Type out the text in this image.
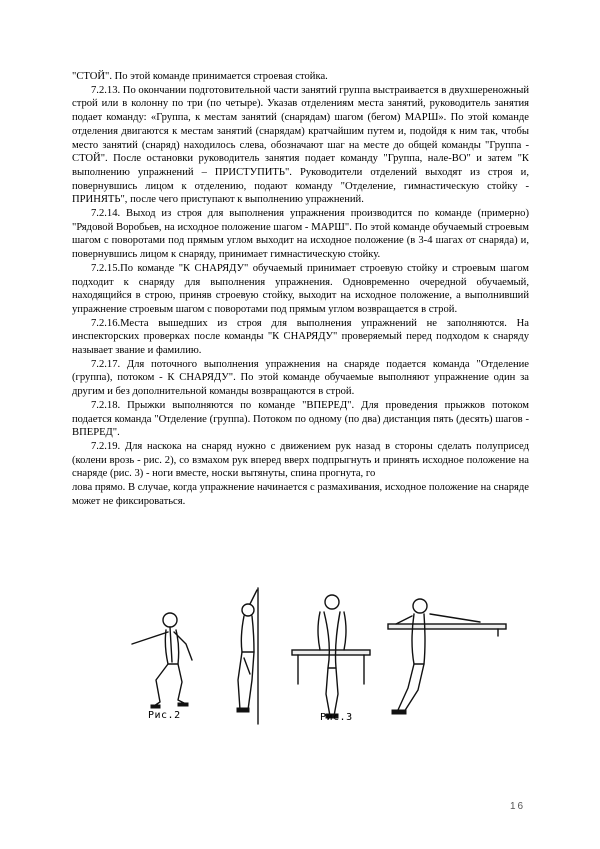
"СТОЙ". По этой команде принимается строевая стойка.

7.2.13. По окончании подготовительной части занятий группа выстраивается в двухшереножный строй или в колонну по три (по четыре). Указав отделениям места занятий, руководитель занятия подает команду: «Группа, к местам занятий (снарядам) шагом (бегом) МАРШ». По этой команде отделения двигаются к местам занятий (снарядам) кратчайшим путем и, подойдя к ним так, чтобы место занятий (снаряд) находилось слева, обозначают шаг на месте до общей команды "Группа - СТОЙ". После остановки руководитель занятия подает команду "Группа, нале-ВО" и затем "К выполнению упражнений – ПРИСТУПИТЬ". Руководители отделений выходят из строя и, повернувшись лицом к отделению, подают команду "Отделение, гимнастическую стойку - ПРИНЯТЬ", после чего приступают к выполнению упражнений.

7.2.14. Выход из строя для выполнения упражнения производится по команде (примерно) "Рядовой Воробьев, на исходное положение шагом - МАРШ". По этой команде обучаемый строевым шагом с поворотами под прямым углом выходит на исходное положение (в 3-4 шагах от снаряда) и, повернувшись лицом к снаряду, принимает гимнастическую стойку.

7.2.15.По команде "К СНАРЯДУ" обучаемый принимает строевую стойку и строевым шагом подходит к снаряду для выполнения упражнения. Одновременно очередной обучаемый, находящийся в строю, приняв строевую стойку, выходит на исходное положение, а выполнивший упражнение строевым шагом с поворотами под прямым углом возвращается в строй.

7.2.16.Места вышедших из строя для выполнения упражнений не заполняются. На инспекторских проверках после команды "К СНАРЯДУ" проверяемый перед подходом к снаряду называет звание и фамилию.

7.2.17. Для поточного выполнения упражнения на снаряде подается команда "Отделение (группа), потоком - К СНАРЯДУ". По этой команде обучаемые выполняют упражнение один за другим и без дополнительной команды возвращаются в строй.

7.2.18. Прыжки выполняются по команде "ВПЕРЕД". Для проведения прыжков потоком подается команда "Отделение (группа). Потоком по одному (по два) дистанция пять (десять) шагов - ВПЕРЕД".

7.2.19. Для наскока на снаряд нужно с движением рук назад в стороны сделать полуприсед (колени врозь - рис. 2), со взмахом рук вперед вверх подпрыгнуть и принять исходное положение на снаряде (рис. 3) - ноги вместе, носки вытянуты, спина прогнута, го

лова прямо. В случае, когда упражнение начинается с размахивания, исходное положение на снаряде может не фиксироваться.

Рис.2	Рис.3
16
